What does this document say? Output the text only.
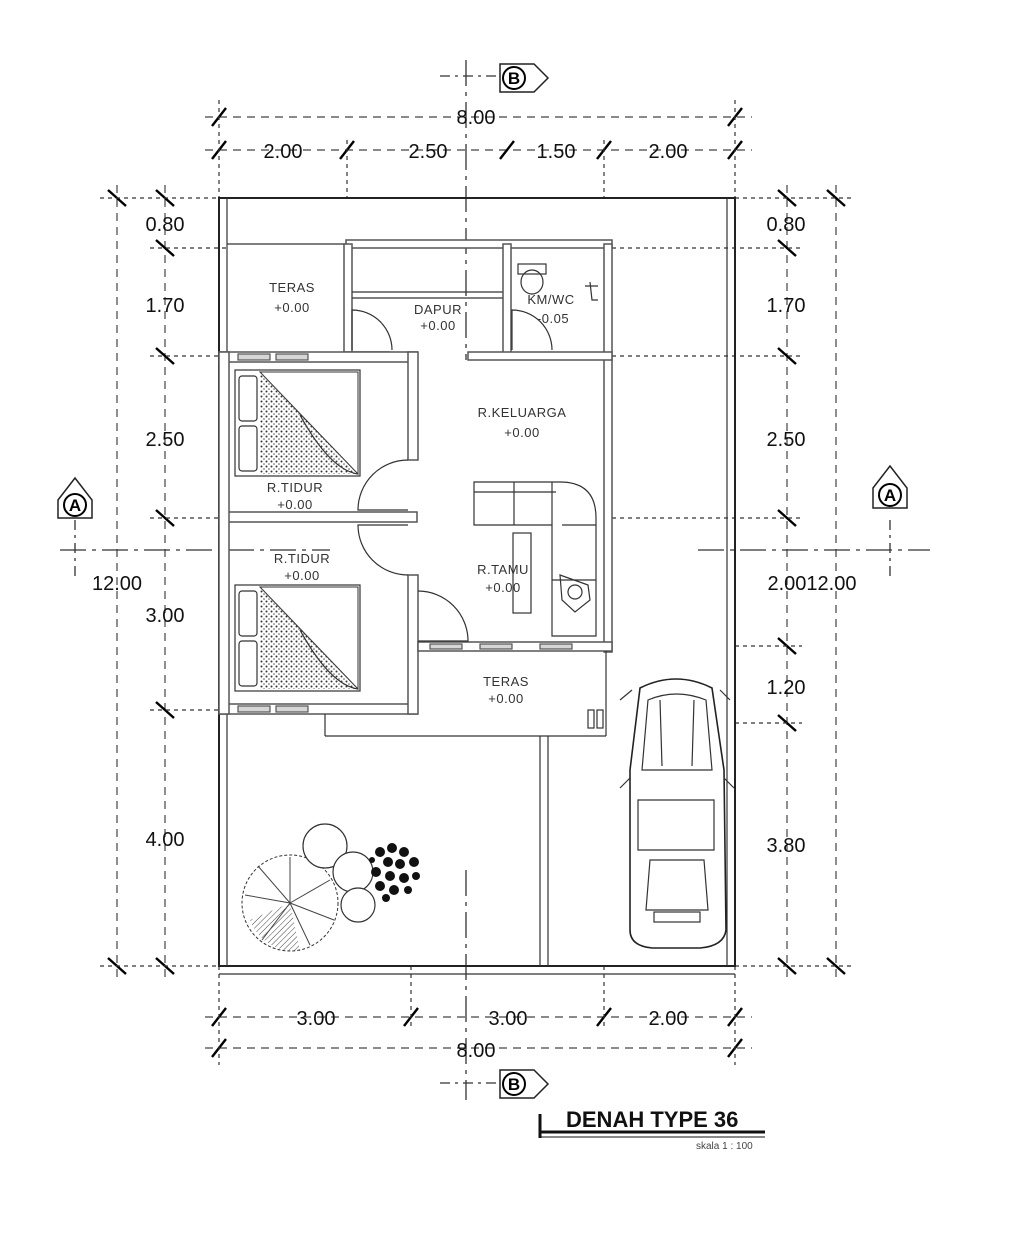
8.00
2.00	2.50	1.50	2.00
3.00	3.00	2.00
8.00
0.80
1.70
2.50
3.00
4.00
12.00
0.80
1.70
2.50
1.20
3.80
2.0012.00
TERAS
+0.00	DAPUR
+0.00
KM/WC
-0.05
R.KELUARGA
+0.00
R.TIDUR
+0.00
R.TIDUR
+0.00	R.TAMU
+0.00
TERAS
+0.00
B
B
A
A
DENAH TYPE 36
skala 1 : 100
